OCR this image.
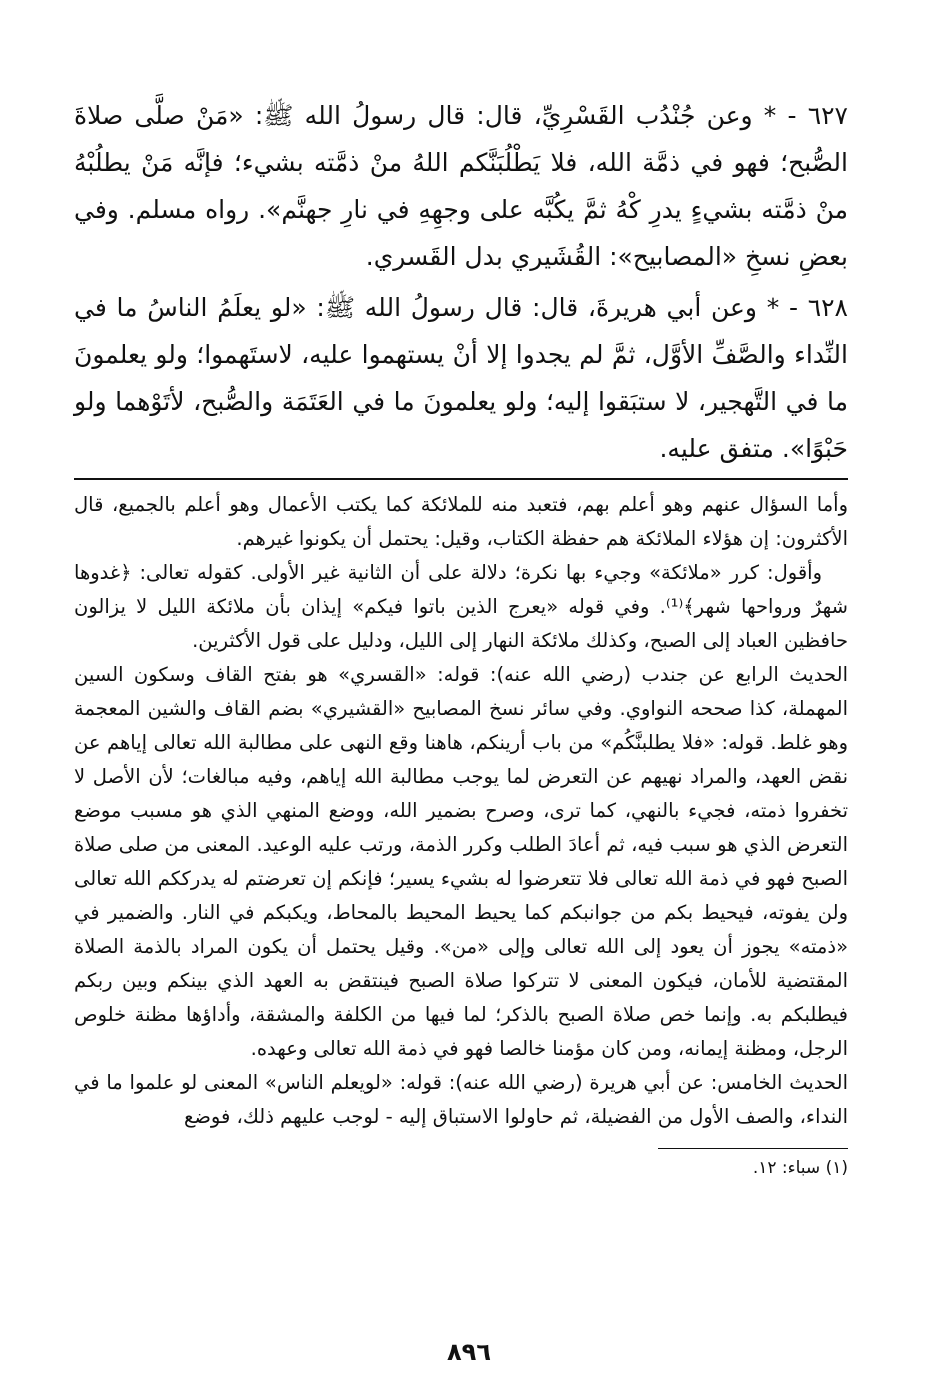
٦٢٧ - * وعن جُنْدُب القَسْرِيِّ، قال: قال رسولُ الله ﷺ: «مَنْ صلَّى صلاةَ الصُّبح؛ فهو في ذمَّة الله، فلا يَطْلُبَنَّكم اللهُ منْ ذمَّته بشيء؛ فإنَّه مَنْ يطلُبْهُ منْ ذمَّته بشيءٍ يدرِ كْهُ ثمَّ يكُبَّه على وجهِهِ في نارِ جهنَّم». رواه مسلم. وفي بعضِ نسخِ «المصابيح»: القُشَيري بدل القَسري.

٦٢٨ - * وعن أبي هريرةَ، قال: قال رسولُ الله ﷺ: «لو يعلَمُ الناسُ ما في النِّداء والصَّفِّ الأوَّل، ثمَّ لم يجدوا إلا أنْ يستهموا عليه، لاستَهموا؛ ولو يعلمونَ ما في التَّهجير، لا ستبَقوا إليه؛ ولو يعلمونَ ما في العَتَمَة والصُّبح، لأتَوْهما ولو حَبْوًا». متفق عليه.

وأما السؤال عنهم وهو أعلم بهم، فتعبد منه للملائكة كما يكتب الأعمال وهو أعلم بالجميع، قال الأكثرون: إن هؤلاء الملائكة هم حفظة الكتاب، وقيل: يحتمل أن يكونوا غيرهم.

وأقول: كرر «ملائكة» وجيء بها نكرة؛ دلالة على أن الثانية غير الأولى. كقوله تعالى: ﴿غدوها شهرٌ ورواحها شهر﴾⁽¹⁾. وفي قوله «يعرج الذين باتوا فيكم» إيذان بأن ملائكة الليل لا يزالون حافظين العباد إلى الصبح، وكذلك ملائكة النهار إلى الليل، ودليل على قول الأكثرين.

الحديث الرابع عن جندب (رضي الله عنه): قوله: «القسري» هو بفتح القاف وسكون السين المهملة، كذا صححه النواوي. وفي سائر نسخ المصابيح «القشيري» بضم القاف والشين المعجمة وهو غلط. قوله: «فلا يطلبنَّكُم» من باب أرينكم، هاهنا وقع النهى على مطالبة الله تعالى إياهم عن نقض العهد، والمراد نهيهم عن التعرض لما يوجب مطالبة الله إياهم، وفيه مبالغات؛ لأن الأصل لا تخفروا ذمته، فجيء بالنهي، كما ترى، وصرح بضمير الله، ووضع المنهي الذي هو مسبب موضع التعرض الذي هو سبب فيه، ثم أعادَ الطلب وكرر الذمة، ورتب عليه الوعيد. المعنى من صلى صلاة الصبح فهو في ذمة الله تعالى فلا تتعرضوا له بشيء يسير؛ فإنكم إن تعرضتم له يدرككم الله تعالى ولن يفوته، فيحيط بكم من جوانبكم كما يحيط المحيط بالمحاط، ويكبكم في النار. والضمير في «ذمته» يجوز أن يعود إلى الله تعالى وإلى «من». وقيل يحتمل أن يكون المراد بالذمة الصلاة المقتضية للأمان، فيكون المعنى لا تتركوا صلاة الصبح فينتقض به العهد الذي بينكم وبين ربكم فيطلبكم به. وإنما خص صلاة الصبح بالذكر؛ لما فيها من الكلفة والمشقة، وأداؤها مظنة خلوص الرجل، ومظنة إيمانه، ومن كان مؤمنا خالصا فهو في ذمة الله تعالى وعهده.

الحديث الخامس: عن أبي هريرة (رضي الله عنه): قوله: «لويعلم الناس» المعنى لو علموا ما في النداء، والصف الأول من الفضيلة، ثم حاولوا الاستباق إليه - لوجب عليهم ذلك، فوضع

(١) سباء: ١٢.
٨٩٦
